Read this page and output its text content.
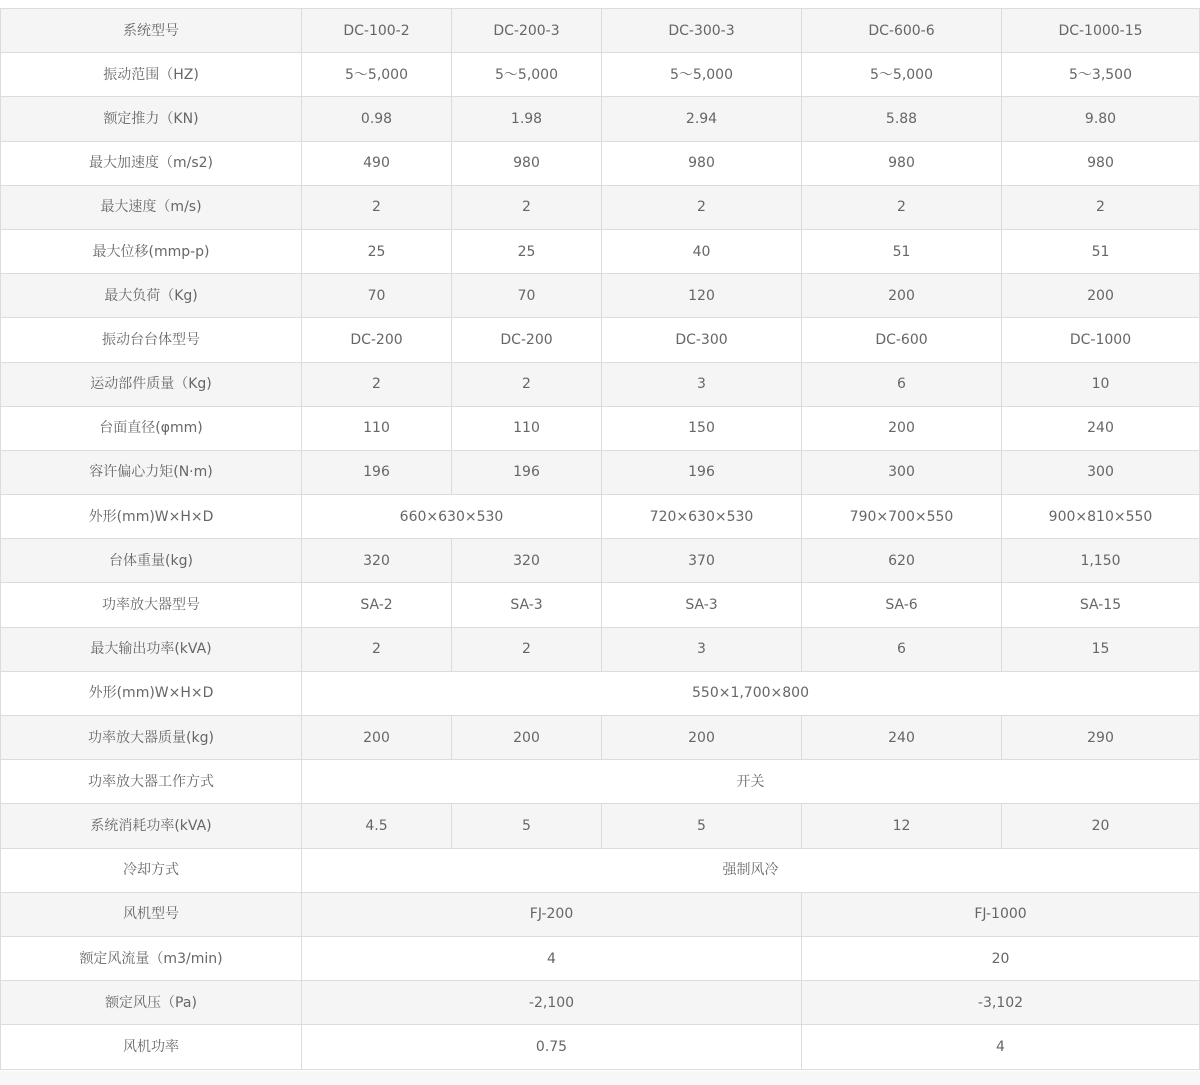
系统型号	DC-100-2	DC-200-3	DC-300-3	DC-600-6	DC-1000-15
振动范围（HZ)	5～5,000	5～5,000	5～5,000	5～5,000	5～3,500
额定推力（KN)	0.98	1.98	2.94	5.88	9.80
最大加速度（m/s2)	490	980	980	980	980
最大速度（m/s)	2	2	2	2	2
最大位移(mmp-p)	25	25	40	51	51
最大负荷（Kg)	70	70	120	200	200
振动台台体型号	DC-200	DC-200	DC-300	DC-600	DC-1000
运动部件质量（Kg)	2	2	3	6	10
台面直径(φmm)	110	110	150	200	240
容许偏心力矩(N·m)	196	196	196	300	300
外形(mm)W×H×D	660×630×530		720×630×530	790×700×550	900×810×550
台体重量(kg)	320	320	370	620	1,150
功率放大器型号	SA-2	SA-3	SA-3	SA-6	SA-15
最大输出功率(kVA)	2	2	3	6	15
外形(mm)W×H×D	550×1,700×800				
功率放大器质量(kg)	200	200	200	240	290
功率放大器工作方式	开关				
系统消耗功率(kVA)	4.5	5	5	12	20
冷却方式	强制风冷				
风机型号	FJ-200			FJ-1000	
额定风流量（m3/min)	4			20	
额定风压（Pa)	-2,100			-3,102	
风机功率	0.75			4	
